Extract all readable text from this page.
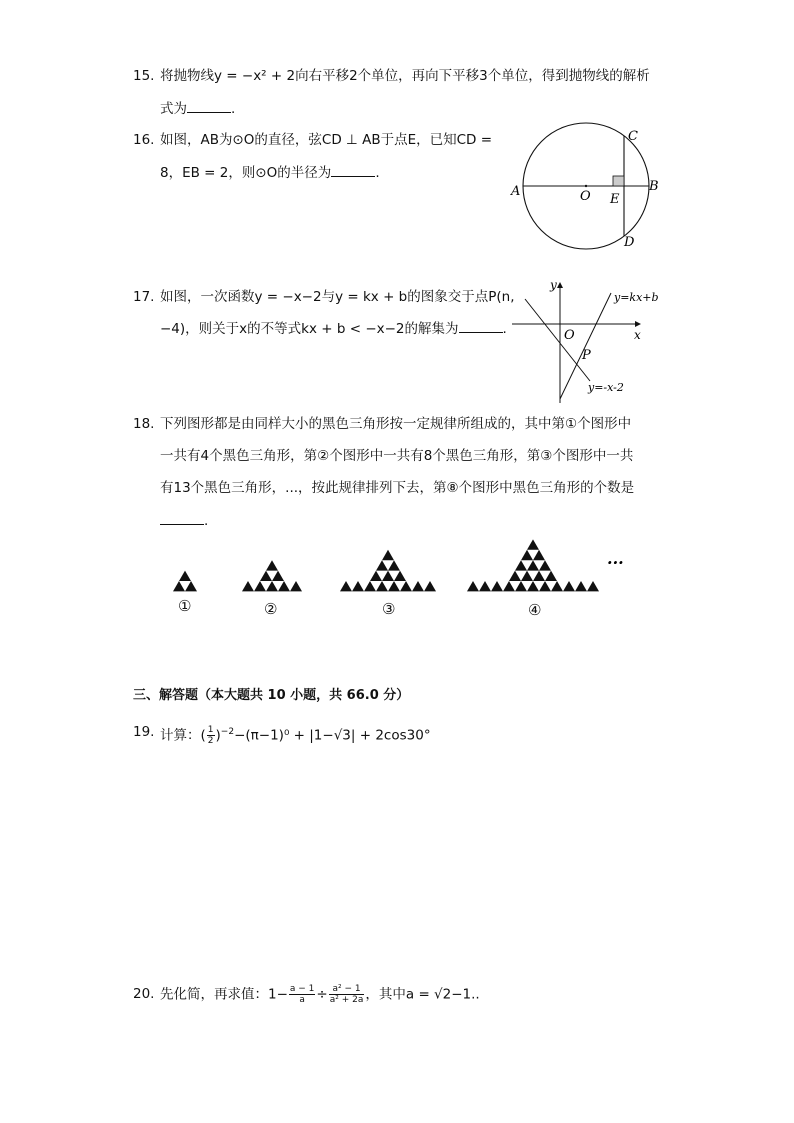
15. 将抛物线y = −x² + 2向右平移2个单位，再向下平移3个单位，得到抛物线的解析
式为	.
16. 如图，AB为⊙O的直径，弦CD ⊥ AB于点E，已知CD =
8，EB = 2，则⊙O的半径为	.
A	B
C
D
O E
17. 如图，一次函数y = −x−2与y = kx + b的图象交于点P(n,
−4)，则关于x的不等式kx + b < −x−2的解集为	.
y
x
O
P
y=kx+b
y=-x-2
18. 下列图形都是由同样大小的黑色三角形按一定规律所组成的，其中第①个图形中
一共有4个黑色三角形，第②个图形中一共有8个黑色三角形，第③个图形中一共
有13个黑色三角形，...，按此规律排列下去，第⑧个图形中黑色三角形的个数是
.
...
①	②	③	④
三、解答题（本大题共 10 小题，共 66.0 分）
19. 计算：( $\frac{1}{2} )^{-2}-(\pi-1)^0 + |1-√3| + 2\cos 30^\circ$
20. 先化简，再求值：$1- \frac{a - 1}{a} \div \frac{\text{a² − 1}}{\text{a² + 2a}}$ ，其中a = √2−1..
